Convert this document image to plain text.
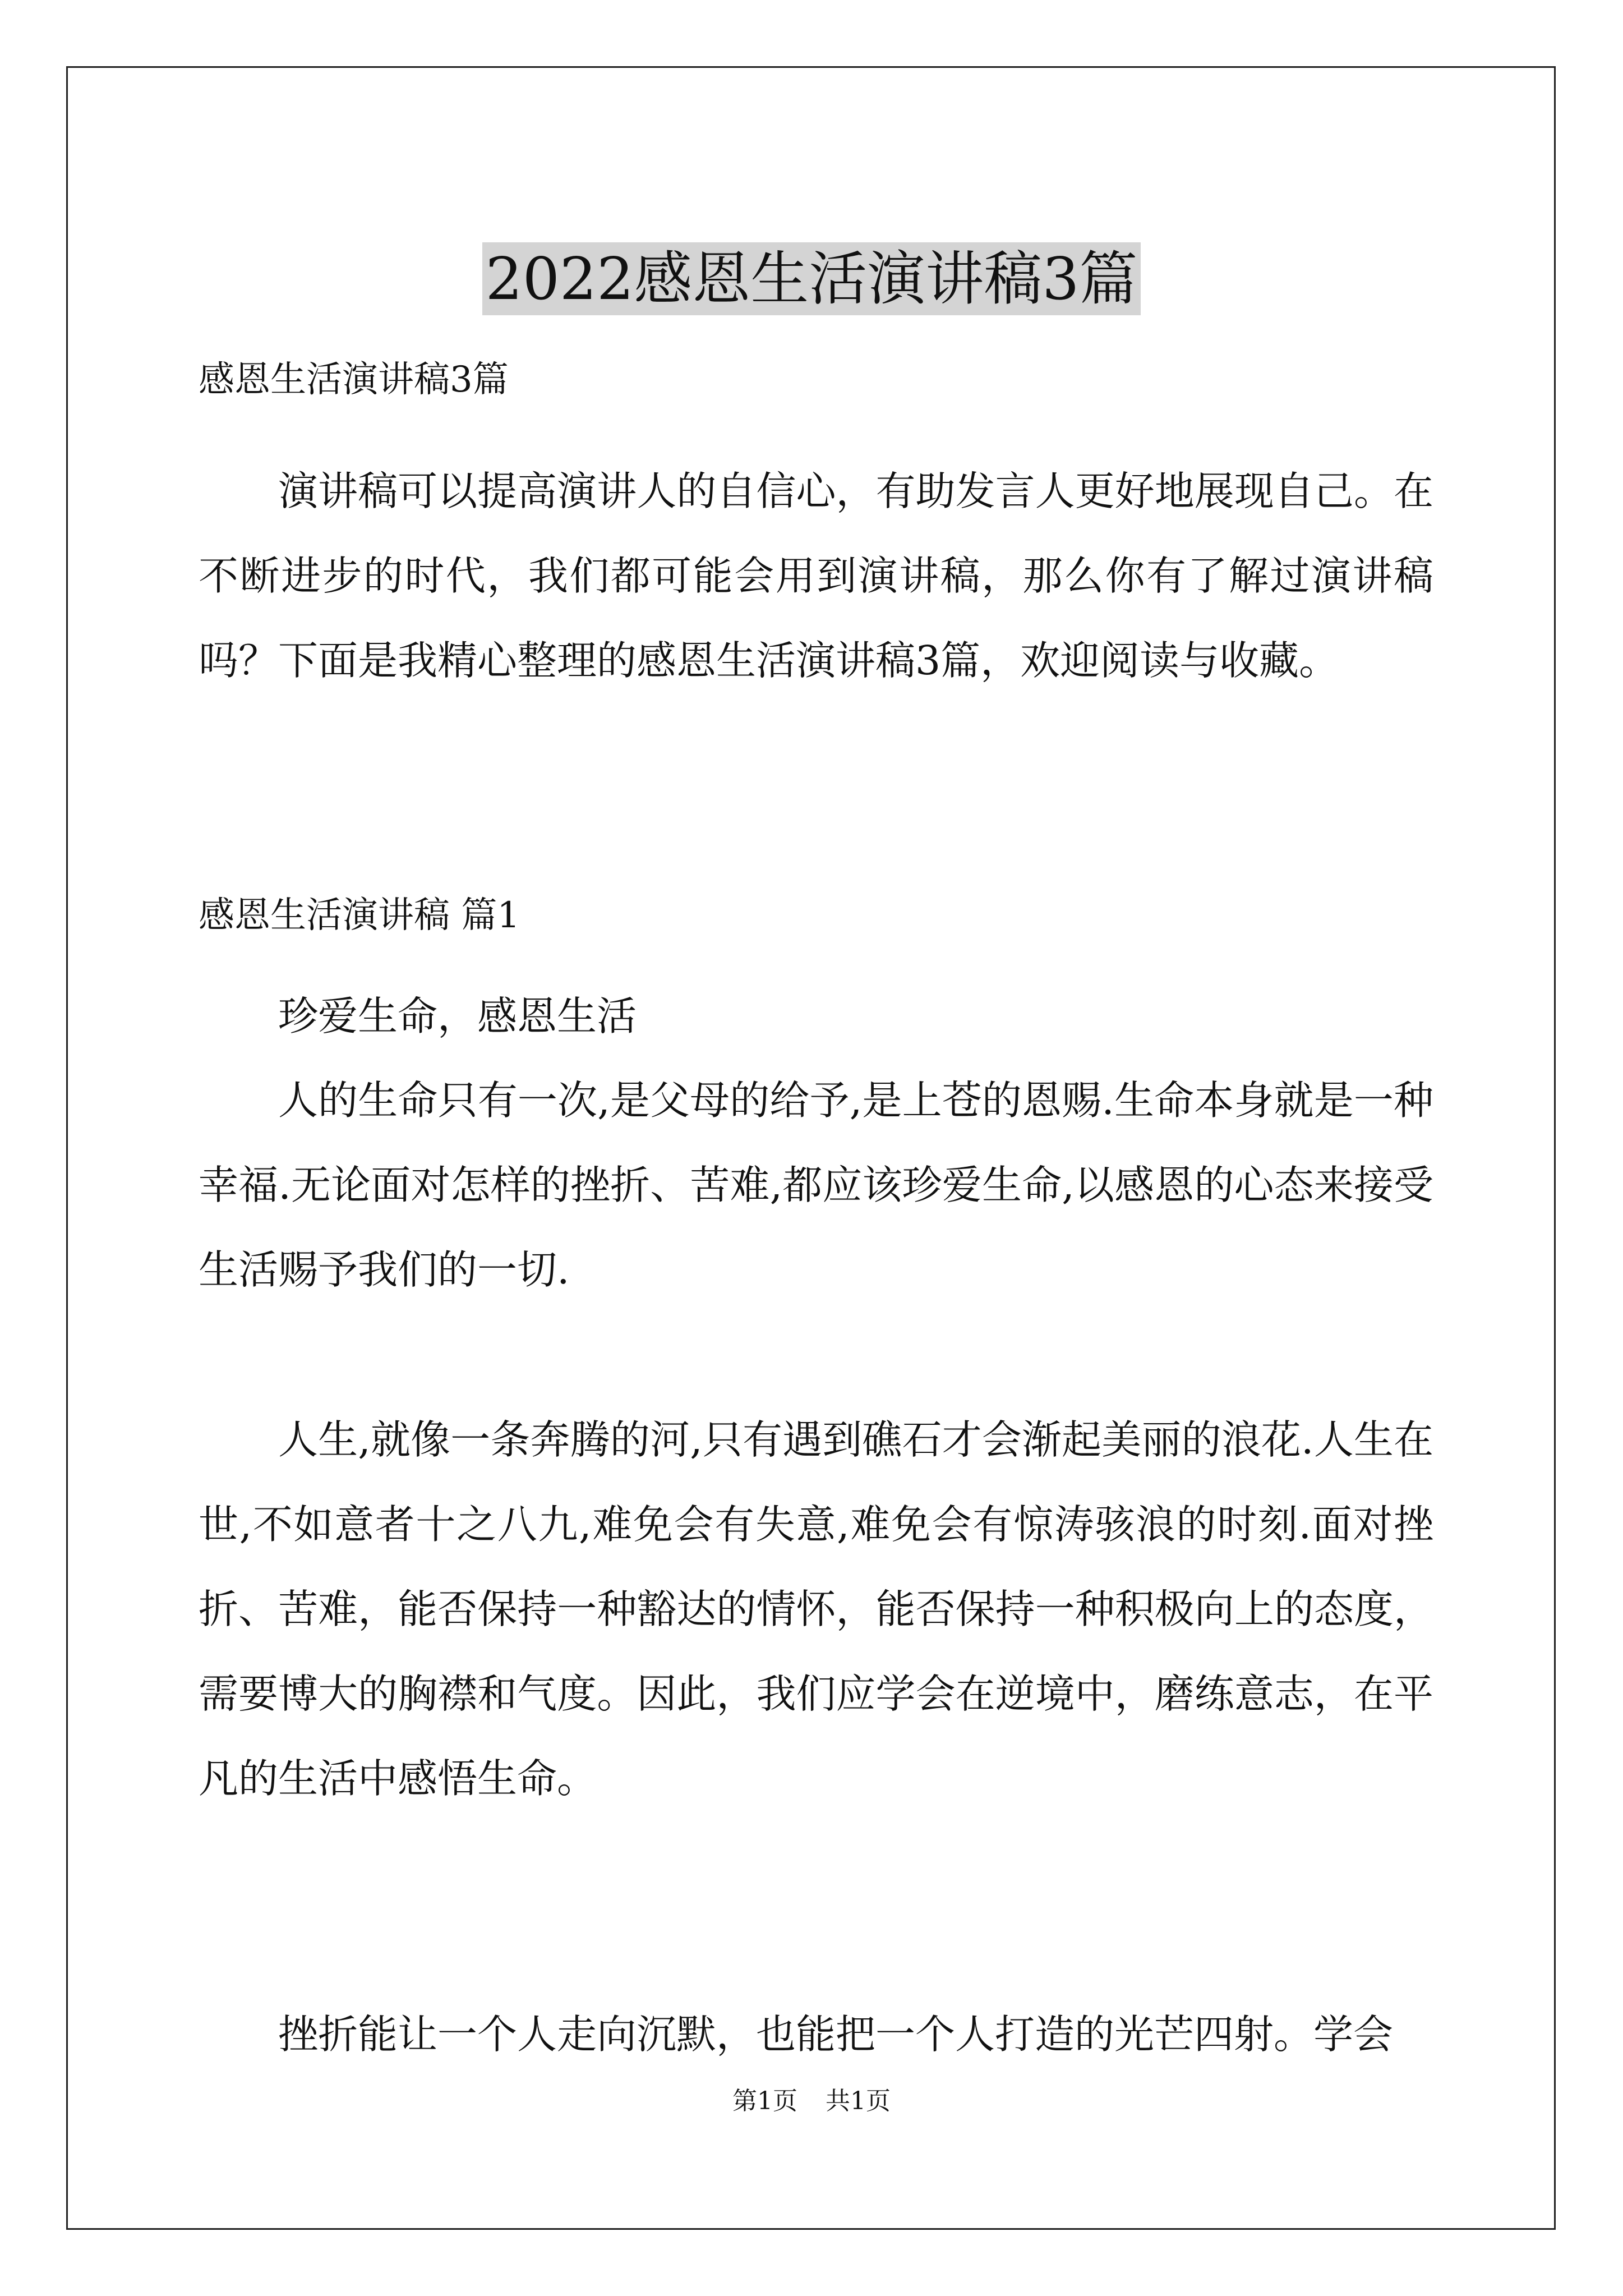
2022感恩生活演讲稿3篇
感恩生活演讲稿3篇

演讲稿可以提高演讲人的自信心，有助发言人更好地展现自己。在不断进步的时代，我们都可能会用到演讲稿，那么你有了解过演讲稿吗？下面是我精心整理的感恩生活演讲稿3篇，欢迎阅读与收藏。

感恩生活演讲稿 篇1

珍爱生命，感恩生活

人的生命只有一次,是父母的给予,是上苍的恩赐.生命本身就是一种幸福.无论面对怎样的挫折、苦难,都应该珍爱生命,以感恩的心态来接受生活赐予我们的一切.

人生,就像一条奔腾的河,只有遇到礁石才会渐起美丽的浪花.人生在世,不如意者十之八九,难免会有失意,难免会有惊涛骇浪的时刻.面对挫折、苦难，能否保持一种豁达的情怀，能否保持一种积极向上的态度，需要博大的胸襟和气度。因此，我们应学会在逆境中，磨练意志，在平凡的生活中感悟生命。

挫折能让一个人走向沉默，也能把一个人打造的光芒四射。学会

第1页 共1页
